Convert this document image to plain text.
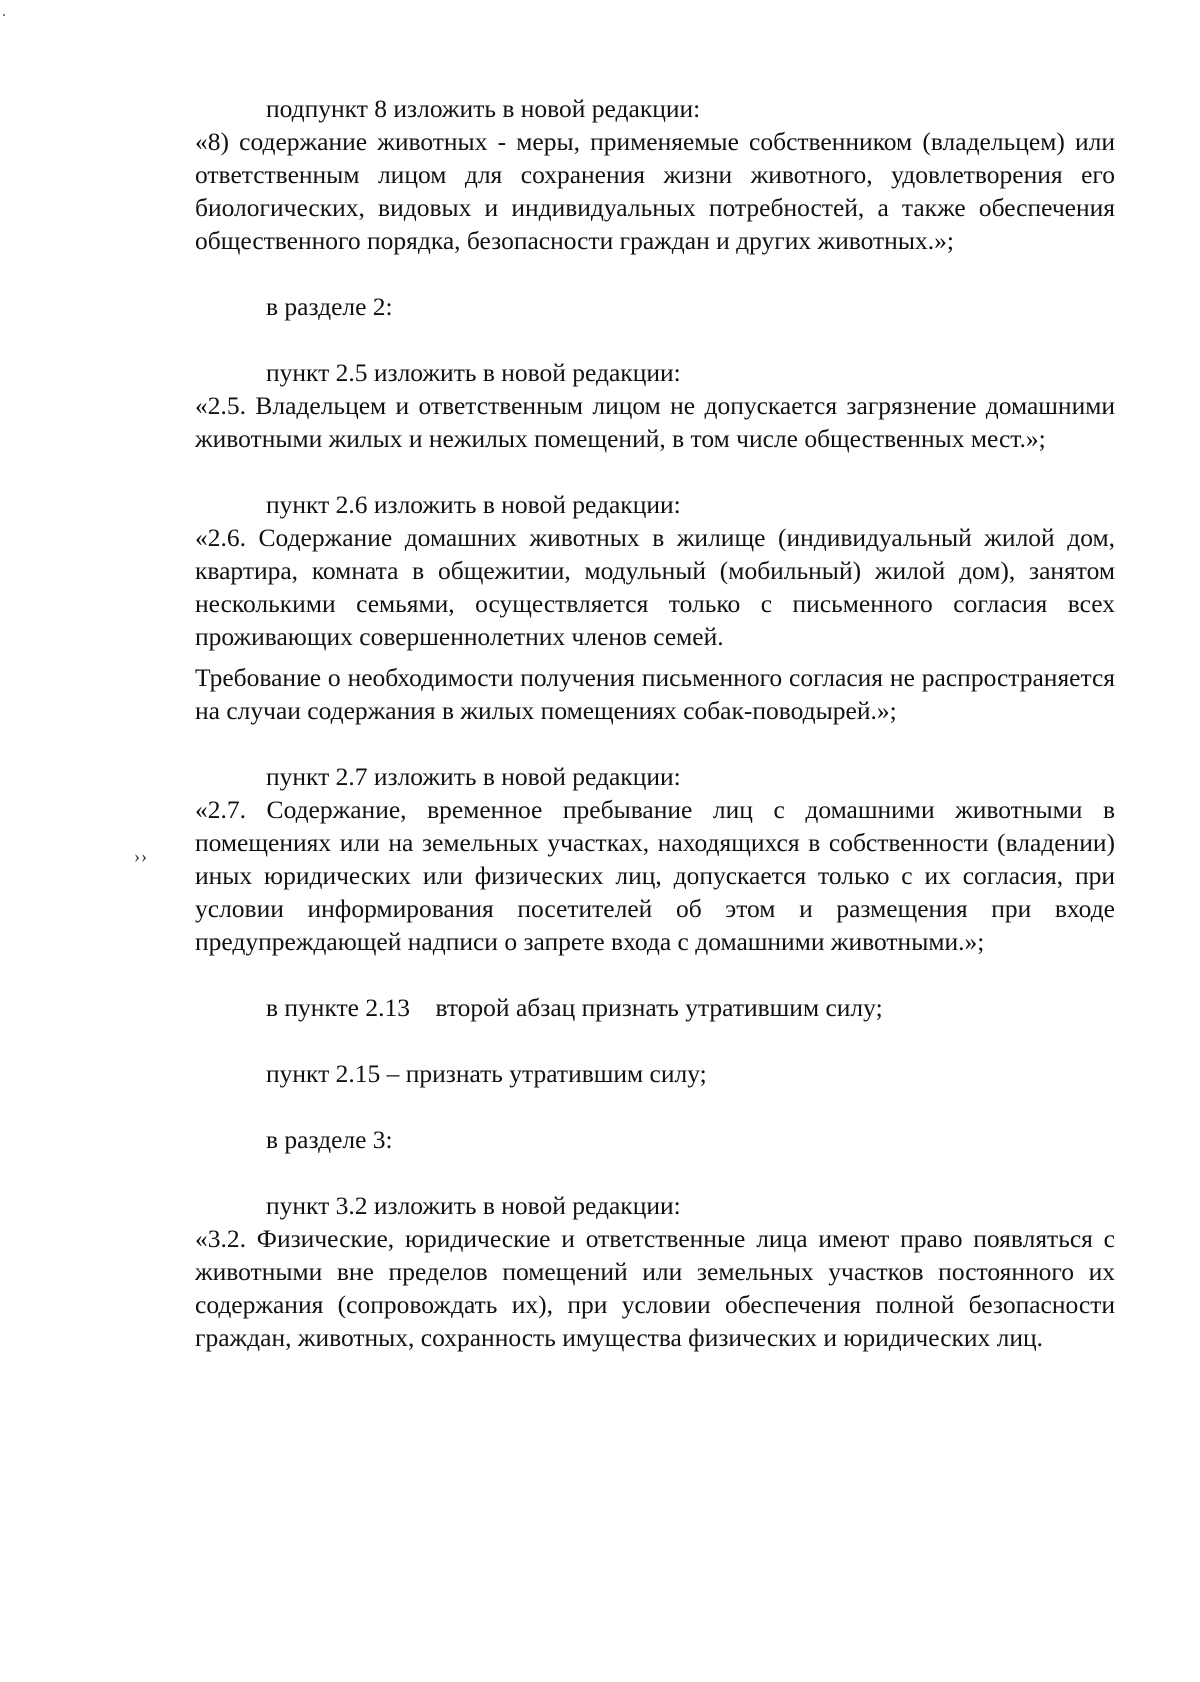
››

подпункт 8 изложить в новой редакции:

«8) содержание животных - меры, применяемые собственником (владельцем) или ответственным лицом для сохранения жизни животного, удовлетворения его биологических, видовых и индивидуальных потребностей, а также обеспечения общественного порядка, безопасности граждан и других животных.»;

в разделе 2:

пункт 2.5 изложить в новой редакции:

«2.5. Владельцем и ответственным лицом не допускается загрязнение домашними животными жилых и нежилых помещений, в том числе общественных мест.»;

пункт 2.6 изложить в новой редакции:

«2.6. Содержание домашних животных в жилище (индивидуальный жилой дом, квартира, комната в общежитии, модульный (мобильный) жилой дом), занятом несколькими семьями, осуществляется только с письменного согласия всех проживающих совершеннолетних членов семей.

Требование о необходимости получения письменного согласия не распространяется на случаи содержания в жилых помещениях собак-поводырей.»;

пункт 2.7 изложить в новой редакции:

«2.7. Содержание, временное пребывание лиц с домашними животными в помещениях или на земельных участках, находящихся в собственности (владении) иных юридических или физических лиц, допускается только с их согласия, при условии информирования посетителей об этом и размещения при входе предупреждающей надписи о запрете входа с домашними животными.»;

в пункте 2.13    второй абзац признать утратившим силу;

пункт 2.15 – признать утратившим силу;

в разделе 3:

пункт 3.2 изложить в новой редакции:

«3.2. Физические, юридические и ответственные лица имеют право появляться с животными вне пределов помещений или земельных участков постоянного их содержания (сопровождать их), при условии обеспечения полной безопасности граждан, животных, сохранность имущества физических и юридических лиц.
